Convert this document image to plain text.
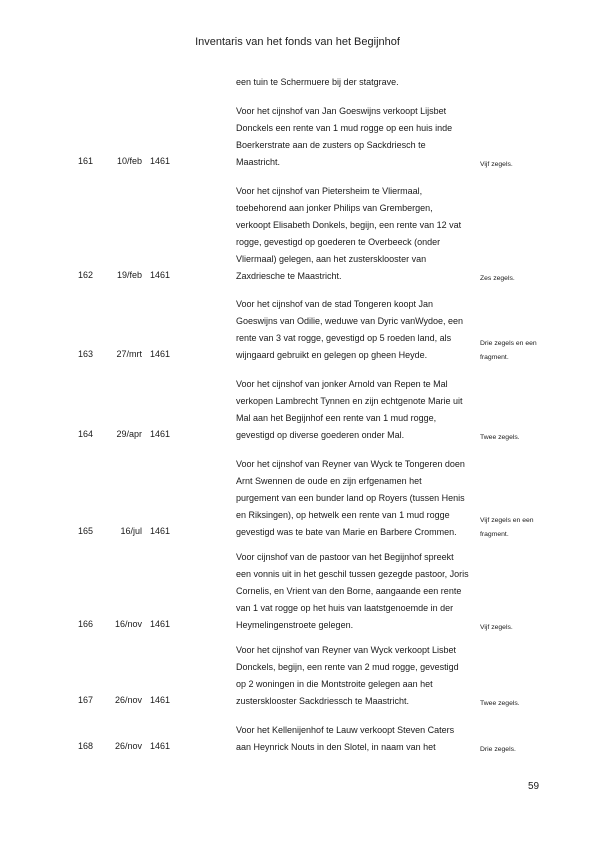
Inventaris van het fonds van het Begijnhof
een tuin te Schermuere bij der statgrave.
Voor het cijnshof van Jan Goeswijns verkoopt Lijsbet
Donckels een rente van 1 mud rogge op een huis inde
Boerkerstrate aan de zusters op Sackdriesch te
Maastricht.
161	10/feb 1461	Vijf zegels.
Voor het cijnshof van Pietersheim te Vliermaal,
toebehorend aan jonker Philips van Grembergen,
verkoopt Elisabeth Donkels, begijn, een rente van 12 vat
rogge, gevestigd op goederen te Overbeeck (onder
Vliermaal) gelegen, aan het zustersklooster van
Zaxdriesche te Maastricht.
162	19/feb 1461	Zes zegels.
Voor het cijnshof van de stad Tongeren koopt Jan
Goeswijns van Odilie, weduwe van Dyric vanWydoe, een
rente van 3 vat rogge, gevestigd op 5 roeden land, als
wijngaard gebruikt en gelegen op gheen Heyde.
163	27/mrt 1461
Drie zegels en een
fragment.
Voor het cijnshof van jonker Arnold van Repen te Mal
verkopen Lambrecht Tynnen en zijn echtgenote Marie uit
Mal aan het Begijnhof een rente van 1 mud rogge,
gevestigd op diverse goederen onder Mal.
164	29/apr 1461	Twee zegels.
Voor het cijnshof van Reyner van Wyck te Tongeren doen
Arnt Swennen de oude en zijn erfgenamen het
purgement van een bunder land op Royers (tussen Henis
en Riksingen), op hetwelk een rente van 1 mud rogge
gevestigd was te bate van Marie en Barbere Crommen.
165	16/jul 1461
Vijf zegels en een
fragment.
Voor cijnshof van de pastoor van het Begijnhof spreekt
een vonnis uit in het geschil tussen gezegde pastoor, Joris
Cornelis, en Vrient van den Borne, aangaande een rente
van 1 vat rogge op het huis van laatstgenoemde in der
Heymelingenstroete gelegen.
166	16/nov 1461	Vijf zegels.
Voor het cijnshof van Reyner van Wyck verkoopt Lisbet
Donckels, begijn, een rente van 2 mud rogge, gevestigd
op 2 woningen in die Montstroite gelegen aan het
zustersklooster Sackdriessch te Maastricht.
167	26/nov 1461	Twee zegels.
Voor het Kellenijenhof te Lauw verkoopt Steven Caters
aan Heynrick Nouts in den Slotel, in naam van het
168	26/nov 1461	Drie zegels.
59
